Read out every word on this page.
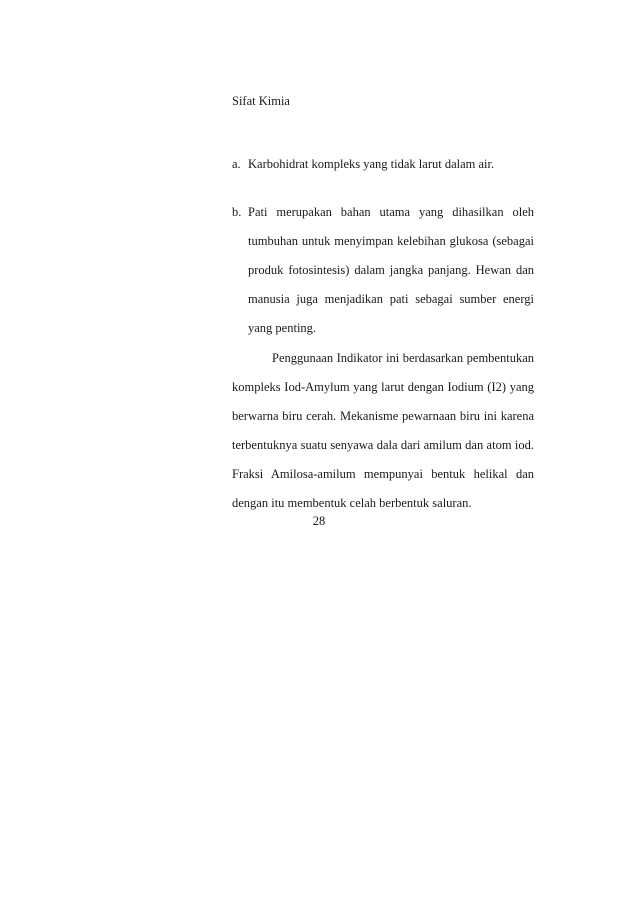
Sifat Kimia
a. Karbohidrat kompleks yang tidak larut dalam air.
b. Pati merupakan bahan utama yang dihasilkan oleh tumbuhan untuk menyimpan kelebihan glukosa (sebagai produk fotosintesis) dalam jangka panjang. Hewan dan manusia juga menjadikan pati sebagai sumber energi yang penting.
Penggunaan Indikator ini berdasarkan pembentukan kompleks Iod-Amylum yang larut dengan Iodium (I2) yang berwarna biru cerah. Mekanisme pewarnaan biru ini karena terbentuknya suatu senyawa dala dari amilum dan atom iod. Fraksi Amilosa-amilum mempunyai bentuk helikal dan dengan itu membentuk celah berbentuk saluran.
28
